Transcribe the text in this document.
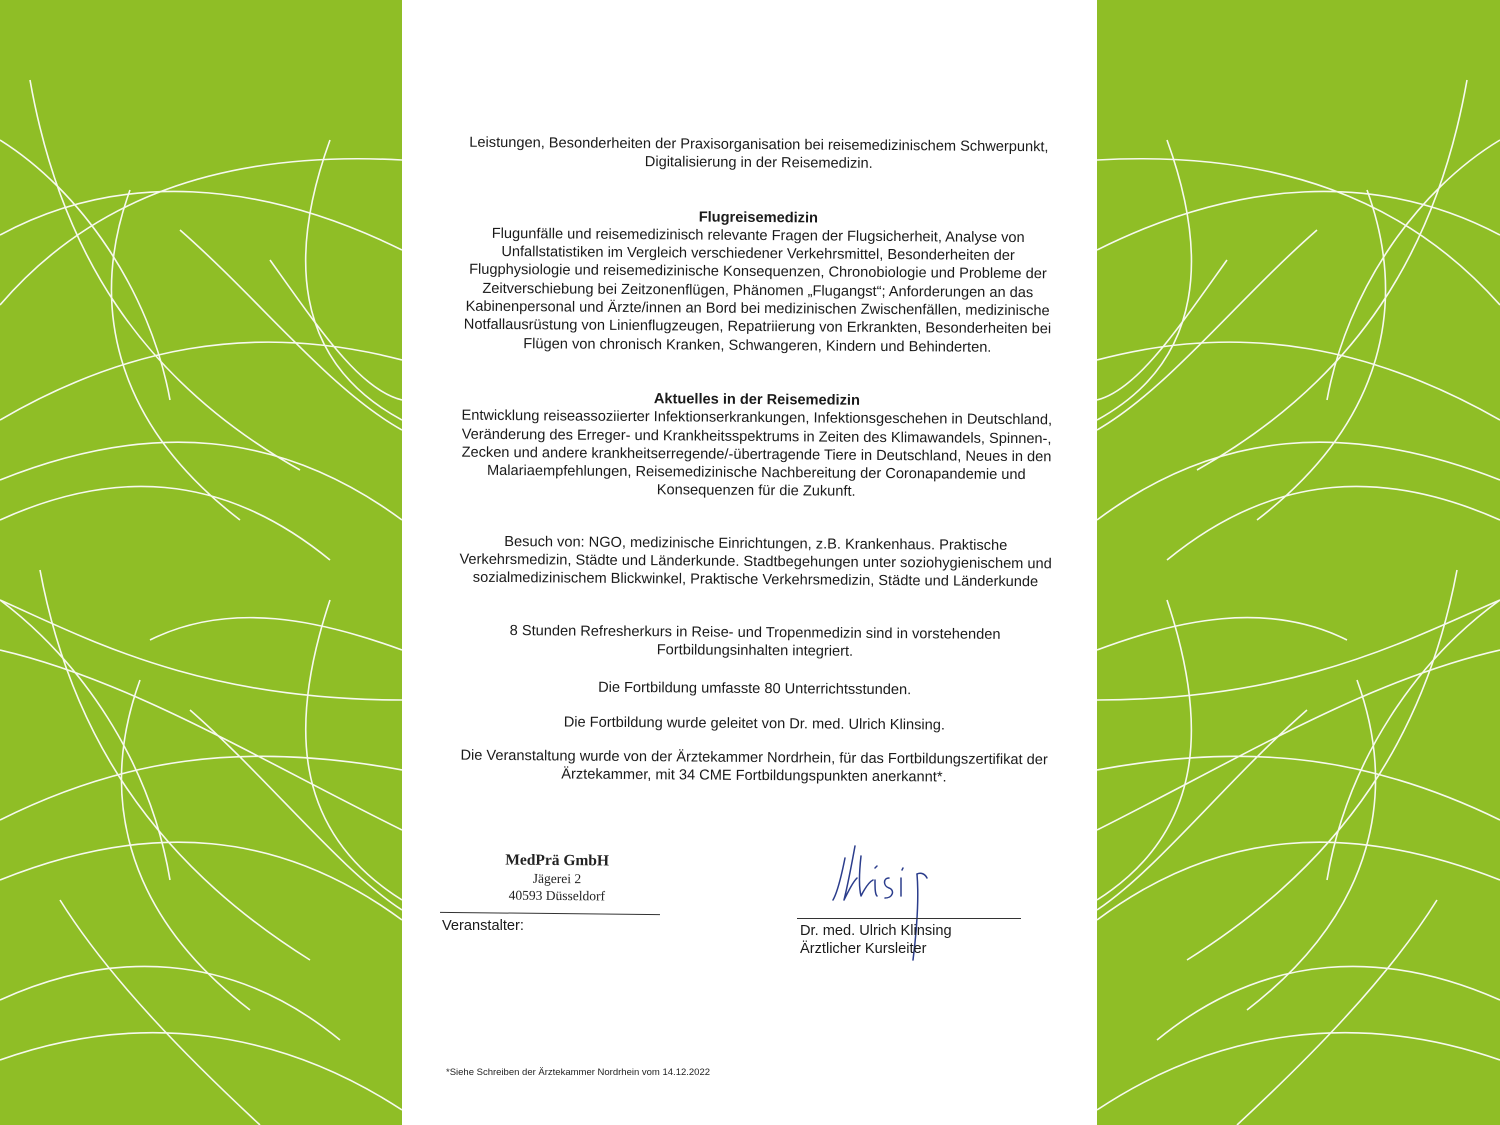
Leistungen, Besonderheiten der Praxisorganisation bei reisemedizinischem Schwerpunkt, Digitalisierung in der Reisemedizin.

Flugreisemedizin

Flugunfälle und reisemedizinisch relevante Fragen der Flugsicherheit, Analyse von Unfallstatistiken im Vergleich verschiedener Verkehrsmittel, Besonderheiten der Flugphysiologie und reisemedizinische Konsequenzen, Chronobiologie und Probleme der Zeitverschiebung bei Zeitzonenflügen, Phänomen „Flugangst“; Anforderungen an das Kabinenpersonal und Ärzte/innen an Bord bei medizinischen Zwischenfällen, medizinische Notfallausrüstung von Linienflugzeugen, Repatriierung von Erkrankten, Besonderheiten bei Flügen von chronisch Kranken, Schwangeren, Kindern und Behinderten.

Aktuelles in der Reisemedizin

Entwicklung reiseassoziierter Infektionserkrankungen, Infektionsgeschehen in Deutschland, Veränderung des Erreger- und Krankheitsspektrums in Zeiten des Klimawandels, Spinnen-, Zecken und andere krankheitserregende/-übertragende Tiere in Deutschland, Neues in den Malariaempfehlungen, Reisemedizinische Nachbereitung der Coronapandemie und Konsequenzen für die Zukunft.

Besuch von: NGO, medizinische Einrichtungen, z.B. Krankenhaus. Praktische Verkehrsmedizin, Städte und Länderkunde. Stadtbegehungen unter soziohygienischem und sozialmedizinischem Blickwinkel, Praktische Verkehrsmedizin, Städte und Länderkunde

8 Stunden Refresherkurs in Reise- und Tropenmedizin sind in vorstehenden Fortbildungsinhalten integriert.

Die Fortbildung umfasste 80 Unterrichtsstunden.

Die Fortbildung wurde geleitet von Dr. med. Ulrich Klinsing.

Die Veranstaltung wurde von der Ärztekammer Nordrhein, für das Fortbildungszertifikat der Ärztekammer, mit 34 CME Fortbildungspunkten anerkannt*.

MedPrä GmbH
Jägerei 2
40593 Düsseldorf
Veranstalter:	Dr. med. Ulrich Klinsing
Ärztlicher Kursleiter
*Siehe Schreiben der Ärztekammer Nordrhein vom 14.12.2022
